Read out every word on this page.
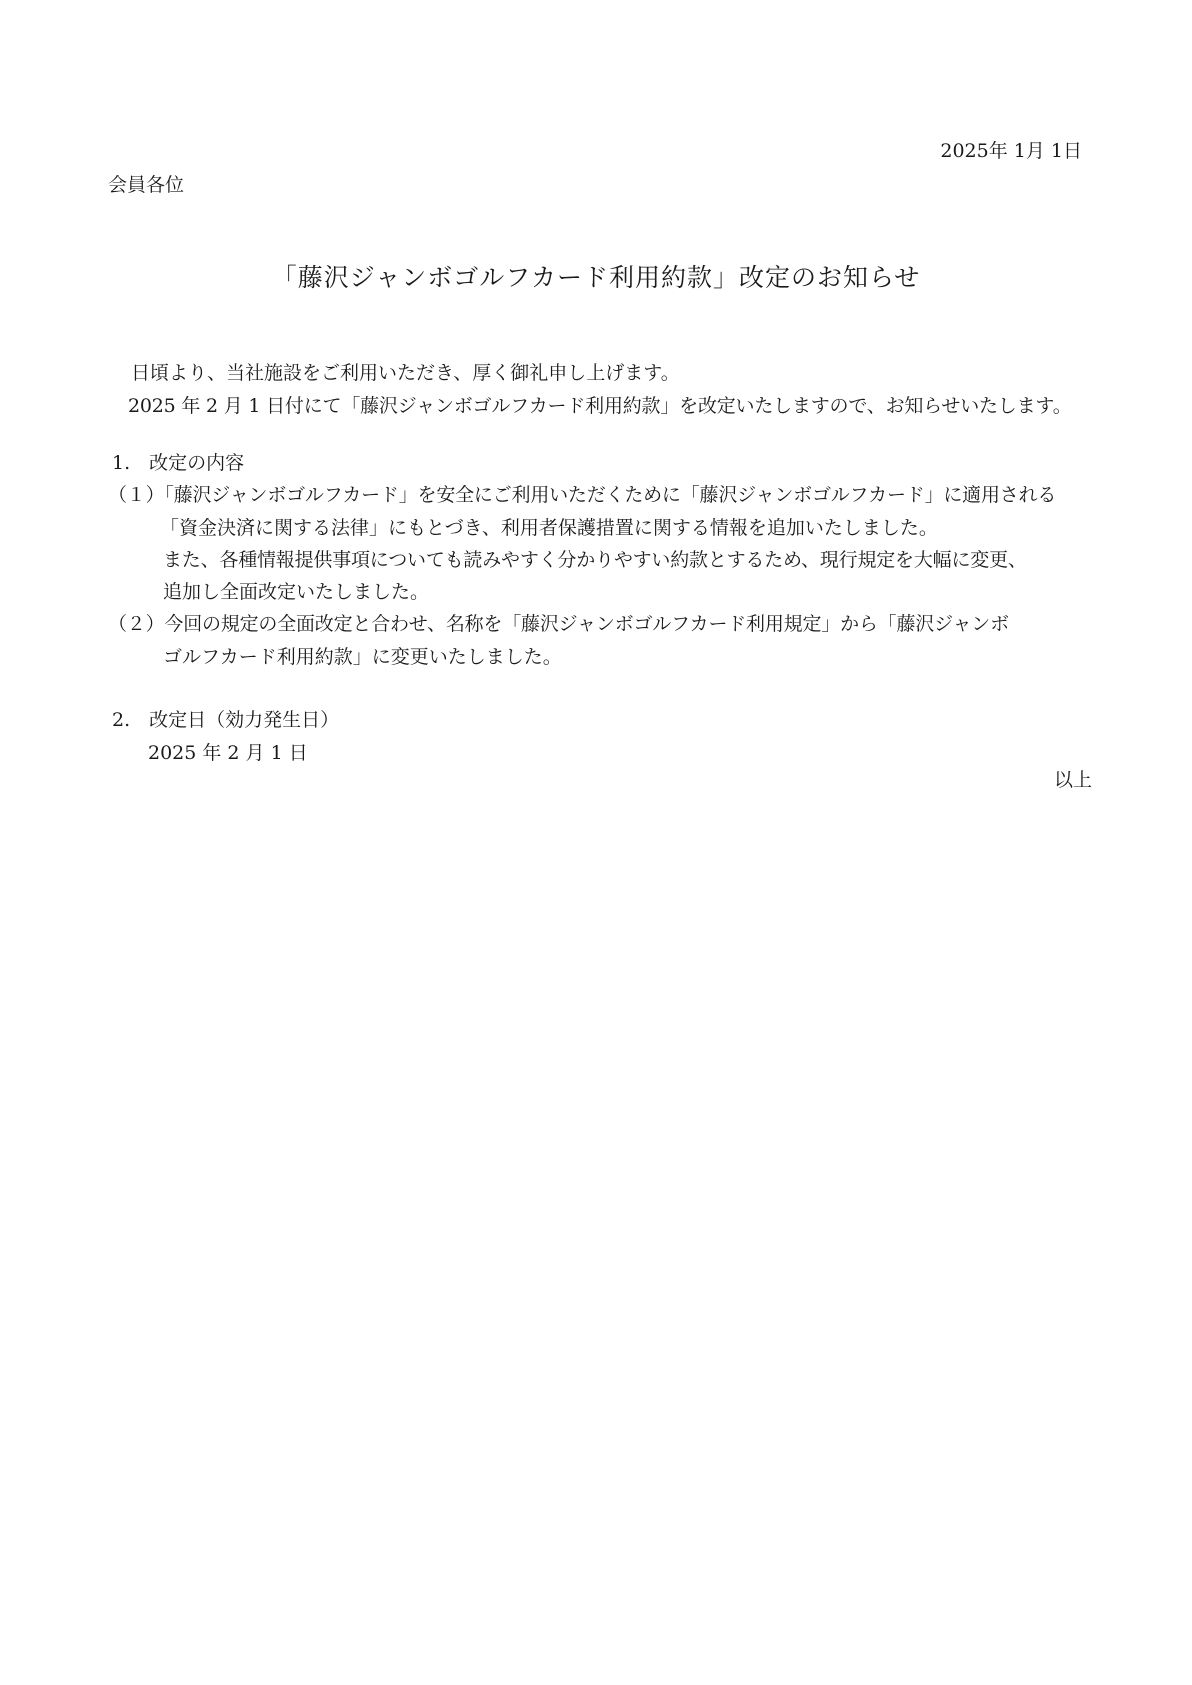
2025年 1月 1日
会員各位
「藤沢ジャンボゴルフカード利用約款」改定のお知らせ
日頃より、当社施設をご利用いただき、厚く御礼申し上げます。
2025 年 2 月 1 日付にて「藤沢ジャンボゴルフカード利用約款」を改定いたしますので、お知らせいたします。
1.　改定の内容
（１）「藤沢ジャンボゴルフカード」を安全にご利用いただくために「藤沢ジャンボゴルフカード」に適用される
「資金決済に関する法律」にもとづき、利用者保護措置に関する情報を追加いたしました。
また、各種情報提供事項についても読みやすく分かりやすい約款とするため、現行規定を大幅に変更、
追加し全面改定いたしました。
（２）今回の規定の全面改定と合わせ、名称を「藤沢ジャンボゴルフカード利用規定」から「藤沢ジャンボ
ゴルフカード利用約款」に変更いたしました。
2.　改定日（効力発生日）
2025 年 2 月 1 日
以上
